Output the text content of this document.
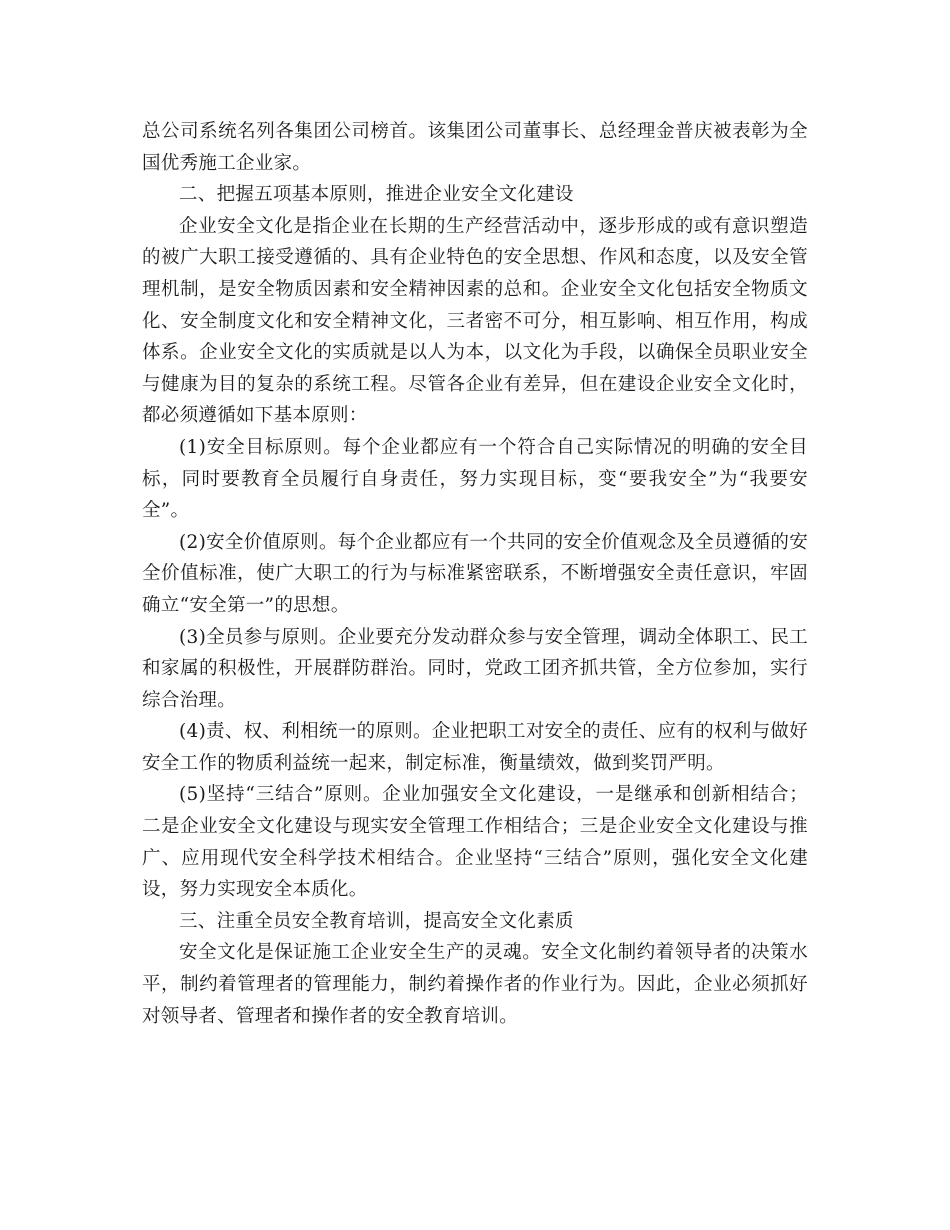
总公司系统名列各集团公司榜首。该集团公司董事长、总经理金普庆被表彰为全国优秀施工企业家。

二、把握五项基本原则，推进企业安全文化建设

企业安全文化是指企业在长期的生产经营活动中，逐步形成的或有意识塑造的被广大职工接受遵循的、具有企业特色的安全思想、作风和态度，以及安全管理机制，是安全物质因素和安全精神因素的总和。企业安全文化包括安全物质文化、安全制度文化和安全精神文化，三者密不可分，相互影响、相互作用，构成体系。企业安全文化的实质就是以人为本，以文化为手段，以确保全员职业安全与健康为目的复杂的系统工程。尽管各企业有差异，但在建设企业安全文化时，都必须遵循如下基本原则：

(1)安全目标原则。每个企业都应有一个符合自己实际情况的明确的安全目标，同时要教育全员履行自身责任，努力实现目标，变“要我安全”为“我要安全”。

(2)安全价值原则。每个企业都应有一个共同的安全价值观念及全员遵循的安全价值标准，使广大职工的行为与标准紧密联系，不断增强安全责任意识，牢固确立“安全第一”的思想。

(3)全员参与原则。企业要充分发动群众参与安全管理，调动全体职工、民工和家属的积极性，开展群防群治。同时，党政工团齐抓共管，全方位参加，实行综合治理。

(4)责、权、利相统一的原则。企业把职工对安全的责任、应有的权利与做好安全工作的物质利益统一起来，制定标准，衡量绩效，做到奖罚严明。

(5)坚持“三结合”原则。企业加强安全文化建设，一是继承和创新相结合；二是企业安全文化建设与现实安全管理工作相结合；三是企业安全文化建设与推广、应用现代安全科学技术相结合。企业坚持“三结合”原则，强化安全文化建设，努力实现安全本质化。

三、注重全员安全教育培训，提高安全文化素质

安全文化是保证施工企业安全生产的灵魂。安全文化制约着领导者的决策水平，制约着管理者的管理能力，制约着操作者的作业行为。因此，企业必须抓好对领导者、管理者和操作者的安全教育培训。
